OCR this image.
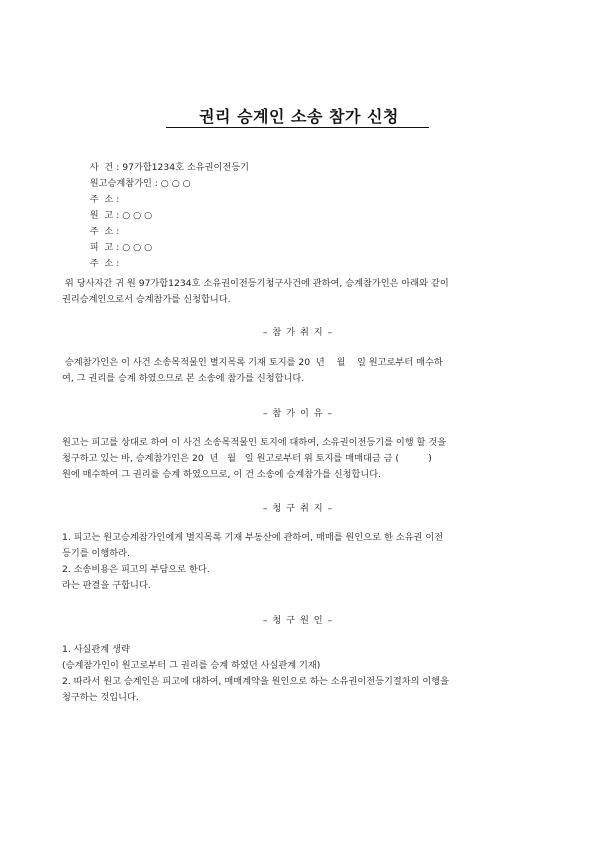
권리 승계인 소송 참가 신청

사  건 : 97가합1234호 소유권이전등기

원고승계참가인 : ○ ○ ○

주  소 :

원  고 : ○ ○ ○

주  소 :

피  고 : ○ ○ ○

주  소 :

위 당사자간 귀 원 97가합1234호 소유권이전등기청구사건에 관하여, 승계참가인은 아래와 같이
권리승계인으로서 승계참가를 신청합니다.
– 참 가 취 지 –
승계참가인은 이 사건 소송목적물인 별지목록 기재 토지를 20  년    월    일 원고로부터 매수하
여, 그 권리를 승계 하였으므로 본 소송에 참가를 신청합니다.
– 참 가 이 유 –
원고는 피고를 상대로 하여 이 사건 소송목적물인 토지에 대하여, 소유권이전등기를 이행 할 것을
청구하고 있는 바, 승계참가인은 20  년   월   일 원고로부터 위 토지를 매매대금 금 (          )
원에 매수하여 그 권리를 승계 하였으므로, 이 건 소송에 승계참가를 신청합니다.
– 청 구 취 지 –
1. 피고는 원고승계참가인에게 별지목록 기재 부동산에 관하여, 매매를 원인으로 한 소유권 이전
등기를 이행하라.
2. 소송비용은 피고의 부담으로 한다.
라는 판결을 구합니다.
– 청 구 원 인 –
1. 사실관계 생략
(승계참가인이 원고로부터 그 권리를 승계 하였던 사실관계 기재)
2. 따라서 원고 승계인은 피고에 대하여, 매매계약을 원인으로 하는 소유권이전등기절차의 이행을
청구하는 것입니다.
